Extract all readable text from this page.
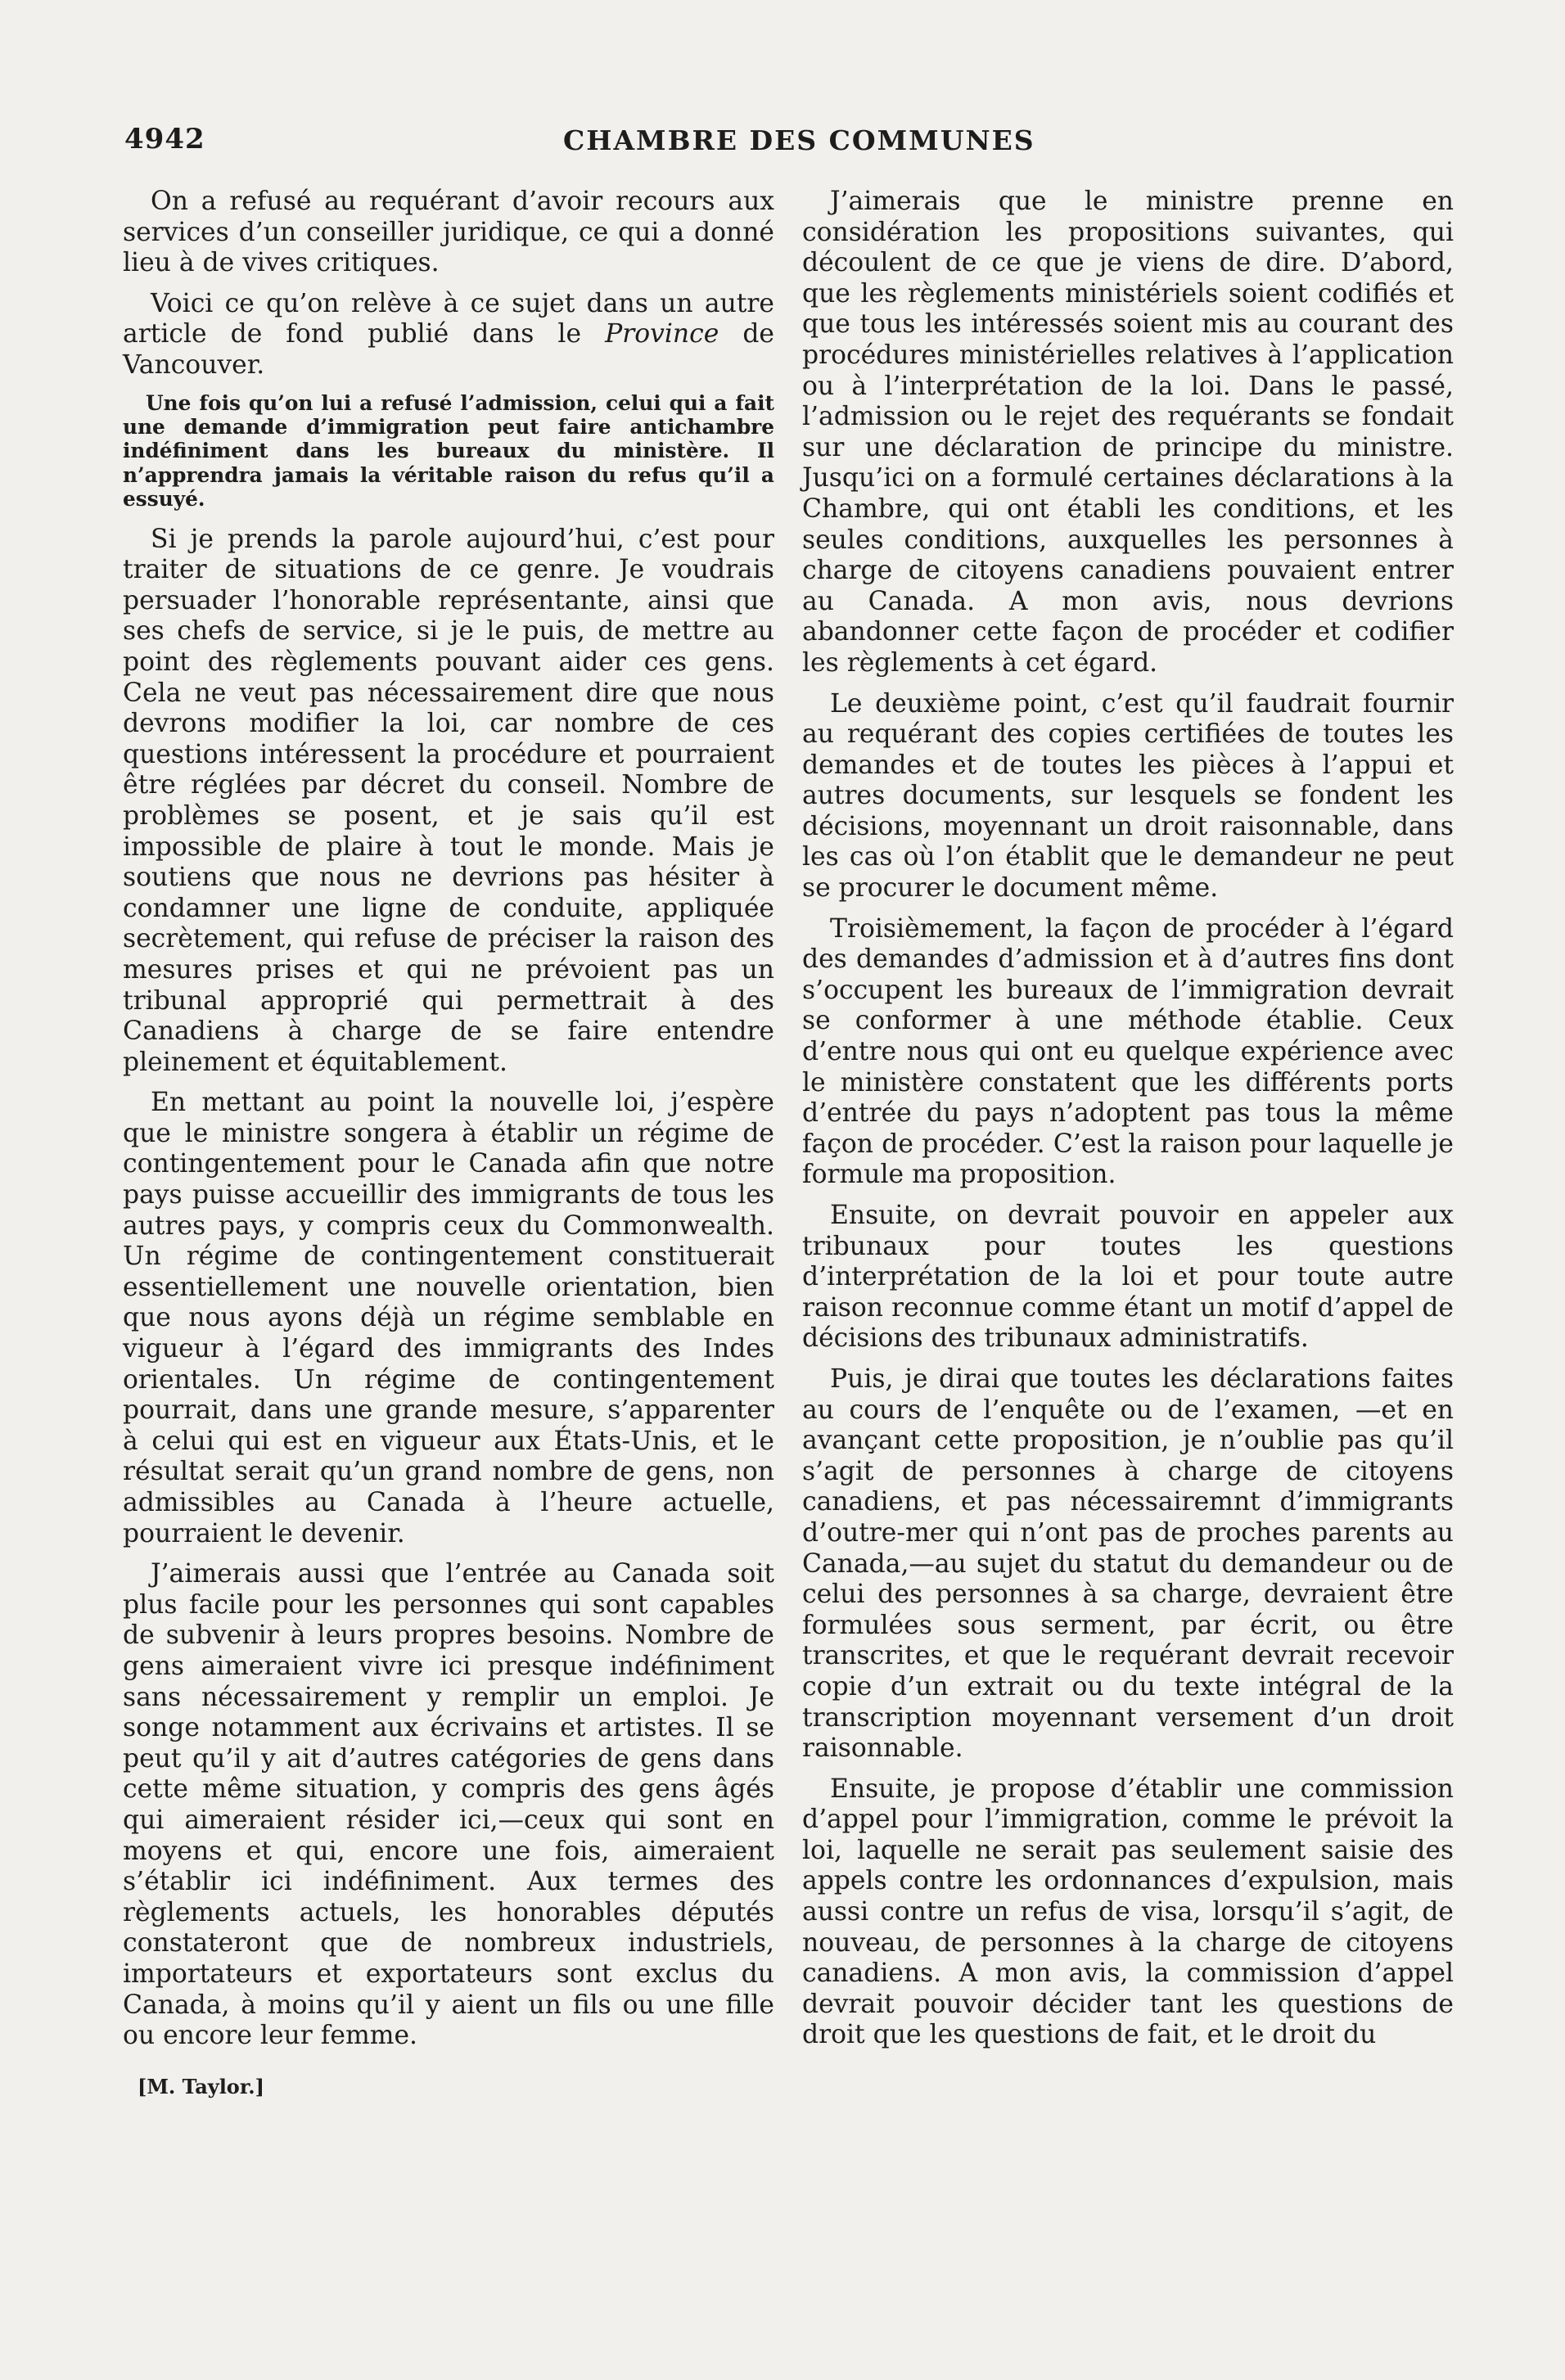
4942	CHAMBRE DES COMMUNES

On a refusé au requérant d’avoir recours aux services d’un conseiller juridique, ce qui a donné lieu à de vives critiques.

Voici ce qu’on relève à ce sujet dans un autre article de fond publié dans le Province de Vancouver.

Une fois qu’on lui a refusé l’admission, celui qui a fait une demande d’immigration peut faire antichambre indéfiniment dans les bureaux du ministère. Il n’apprendra jamais la véritable raison du refus qu’il a essuyé.

Si je prends la parole aujourd’hui, c’est pour traiter de situations de ce genre. Je voudrais persuader l’honorable représentante, ainsi que ses chefs de service, si je le puis, de mettre au point des règlements pouvant aider ces gens. Cela ne veut pas nécessairement dire que nous devrons modifier la loi, car nombre de ces questions intéressent la procédure et pourraient être réglées par décret du conseil. Nombre de problèmes se posent, et je sais qu’il est impossible de plaire à tout le monde. Mais je soutiens que nous ne devrions pas hésiter à condamner une ligne de conduite, appliquée secrètement, qui refuse de préciser la raison des mesures prises et qui ne prévoient pas un tribunal approprié qui permettrait à des Canadiens à charge de se faire entendre pleinement et équitablement.

En mettant au point la nouvelle loi, j’espère que le ministre songera à établir un régime de contingentement pour le Canada afin que notre pays puisse accueillir des immigrants de tous les autres pays, y compris ceux du Commonwealth. Un régime de contingentement constituerait essentiellement une nouvelle orientation, bien que nous ayons déjà un régime semblable en vigueur à l’égard des immigrants des Indes orientales. Un régime de contingentement pourrait, dans une grande mesure, s’apparenter à celui qui est en vigueur aux États-Unis, et le résultat serait qu’un grand nombre de gens, non admissibles au Canada à l’heure actuelle, pourraient le devenir.

J’aimerais aussi que l’entrée au Canada soit plus facile pour les personnes qui sont capables de subvenir à leurs propres besoins. Nombre de gens aimeraient vivre ici presque indéfiniment sans nécessairement y remplir un emploi. Je songe notamment aux écrivains et artistes. Il se peut qu’il y ait d’autres catégories de gens dans cette même situation, y compris des gens âgés qui aimeraient résider ici,—ceux qui sont en moyens et qui, encore une fois, aimeraient s’établir ici indéfiniment. Aux termes des règlements actuels, les honorables députés constateront que de nombreux industriels, importateurs et exportateurs sont exclus du Canada, à moins qu’il y aient un fils ou une fille ou encore leur femme.

[M. Taylor.]

J’aimerais que le ministre prenne en considération les propositions suivantes, qui découlent de ce que je viens de dire. D’abord, que les règlements ministériels soient codifiés et que tous les intéressés soient mis au courant des procédures ministérielles relatives à l’application ou à l’interprétation de la loi. Dans le passé, l’admission ou le rejet des requérants se fondait sur une déclaration de principe du ministre. Jusqu’ici on a formulé certaines déclarations à la Chambre, qui ont établi les conditions, et les seules conditions, auxquelles les personnes à charge de citoyens canadiens pouvaient entrer au Canada. A mon avis, nous devrions abandonner cette façon de procéder et codifier les règlements à cet égard.

Le deuxième point, c’est qu’il faudrait fournir au requérant des copies certifiées de toutes les demandes et de toutes les pièces à l’appui et autres documents, sur lesquels se fondent les décisions, moyennant un droit raisonnable, dans les cas où l’on établit que le demandeur ne peut se procurer le document même.

Troisièmement, la façon de procéder à l’égard des demandes d’admission et à d’autres fins dont s’occupent les bureaux de l’immigration devrait se conformer à une méthode établie. Ceux d’entre nous qui ont eu quelque expérience avec le ministère constatent que les différents ports d’entrée du pays n’adoptent pas tous la même façon de procéder. C’est la raison pour laquelle je formule ma proposition.

Ensuite, on devrait pouvoir en appeler aux tribunaux pour toutes les questions d’interprétation de la loi et pour toute autre raison reconnue comme étant un motif d’appel de décisions des tribunaux administratifs.

Puis, je dirai que toutes les déclarations faites au cours de l’enquête ou de l’examen, —et en avançant cette proposition, je n’oublie pas qu’il s’agit de personnes à charge de citoyens canadiens, et pas nécessairemnt d’immigrants d’outre-mer qui n’ont pas de proches parents au Canada,—au sujet du statut du demandeur ou de celui des personnes à sa charge, devraient être formulées sous serment, par écrit, ou être transcrites, et que le requérant devrait recevoir copie d’un extrait ou du texte intégral de la transcription moyennant versement d’un droit raisonnable.

Ensuite, je propose d’établir une commission d’appel pour l’immigration, comme le prévoit la loi, laquelle ne serait pas seulement saisie des appels contre les ordonnances d’expulsion, mais aussi contre un refus de visa, lorsqu’il s’agit, de nouveau, de personnes à la charge de citoyens canadiens. A mon avis, la commission d’appel devrait pouvoir décider tant les questions de droit que les questions de fait, et le droit du
